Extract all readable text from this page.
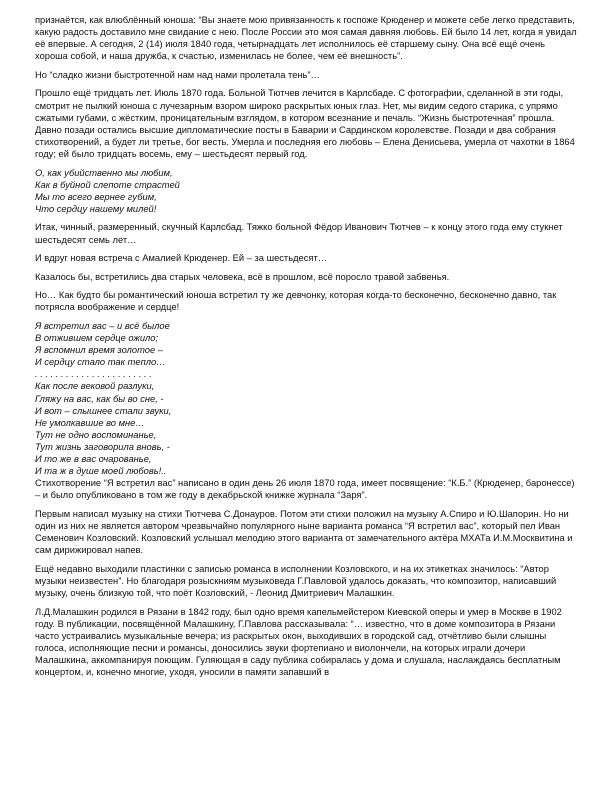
признаётся, как влюблённый юноша: “Вы знаете мою привязанность к госпоже Крюденер и можете себе легко представить, какую радость доставило мне свидание с нею. После России это моя самая давняя любовь. Ей было 14 лет, когда я увидал её впервые. А сегодня, 2 (14) июля 1840 года, четырнадцать лет исполнилось её старшему сыну. Она всё ещё очень хороша собой, и наша дружба, к счастью, изменилась не более, чем её внешность”.

Но “сладко жизни быстротечной нам над нами пролетала тень”…

Прошло ещё тридцать лет. Июль 1870 года. Больной Тютчев лечится в Карлсбаде. С фотографии, сделанной в эти годы, смотрит не пылкий юноша с лучезарным взором широко раскрытых юных глаз. Нет, мы видим седого старика, с упрямо сжатыми губами, с жёстким, проницательным взглядом, в котором всезнание и печаль. “Жизнь быстротечная” прошла. Давно позади остались высшие дипломатические посты в Баварии и Сардинском королевстве. Позади и два собрания стихотворений, а будет ли третье, бог весть. Умерла и последняя его любовь – Елена Денисьева, умерла от чахотки в 1864 году; ей было тридцать восемь, ему – шестьдесят первый год.

О, как убийственно мы любим,
Как в буйной слепоте страстей
Мы то всего вернее губим,
Что сердцу нашему милей!

Итак, чинный, размеренный, скучный Карлсбад. Тяжко больной Фёдор Иванович Тютчев – к концу этого года ему стукнет шестьдесят семь лет…

И вдруг новая встреча с Амалией Крюденер. Ей – за шестьдесят…

Казалось бы, встретились два старых человека, всё в прошлом, всё поросло травой забвенья.

Но… Как будто бы романтический юноша встретил ту же девчонку, которая когда-то бесконечно, бесконечно давно, так потрясла воображение и сердце!

Я встретил вас – и всё былое
В отжившем сердце ожило;
Я вспомнил время золотое –
И сердцу стало так тепло…
. . . . . . . . . . . . . . . . . . . . . . .
Как после вековой разлуки,
Гляжу на вас, как бы во сне, -
И вот – слышнее стали звуки,
Не умолкавшие во мне…
Тут не одно воспоминанье,
Тут жизнь заговорила вновь, -
И то же в вас очарованье,
И та ж в душе моей любовь!..

Стихотворение “Я встретил вас” написано в один день 26 июля 1870 года, имеет посвящение: “К.Б.” (Крюденер, баронессе) – и было опубликовано в том же году в декабрьской книжке журнала “Заря”.

Первым написал музыку на стихи Тютчева С.Донауров. Потом эти стихи положил на музыку А.Спиро и Ю.Шапорин. Но ни один из них не является автором чрезвычайно популярного ныне варианта романса “Я встретил вас”, который пел Иван Семенович Козловский. Козловский услышал мелодию этого варианта от замечательного актёра МХАТа И.М.Москвитина и сам дирижировал напев.

Ещё недавно выходили пластинки с записью романса в исполнении Козловского, и на их этикетках значилось: “Автор музыки неизвестен”. Но благодаря розыскниям музыковеда Г.Павловой удалось доказать, что композитор, написавший музыку, очень близкую той, что поёт Козловский, - Леонид Дмитриевич Малашкин.

Л.Д.Малашкин родился в Рязани в 1842 году, был одно время капельмейстером Киевской оперы и умер в Москве в 1902 году. В публикации, посвящённой Малашкину, Г.Павлова рассказывала: “… известно, что в доме композитора в Рязани часто устраивались музыкальные вечера; из раскрытых окон, выходивших в городской сад, отчётливо были слышны голоса, исполняющие песни и романсы, доносились звуки фортепиано и виолончели, на которых играли дочери Малашкина, аккомпанируя поющим. Гуляющая в саду публика собиралась у дома и слушала, наслаждаясь бесплатным концертом, и, конечно многие, уходя, уносили в памяти запавший в
